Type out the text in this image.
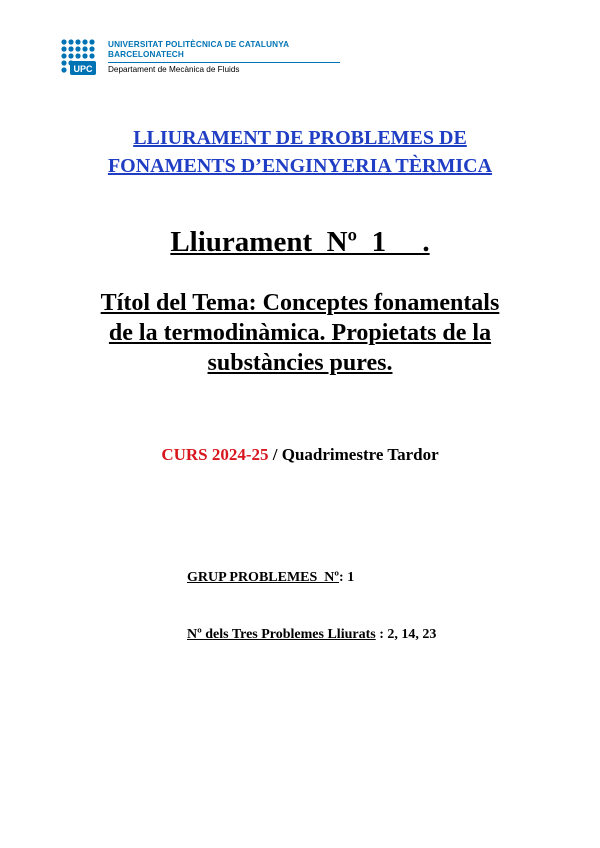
UPC
UNIVERSITAT POLITÈCNICA DE CATALUNYA
BARCELONATECH
Departament de Mecànica de Fluids
LLIURAMENT DE PROBLEMES DE
FONAMENTS D’ENGINYERIA TÈRMICA
Lliurament  Nº  1     .
Títol del Tema: Conceptes fonamentals
de la termodinàmica. Propietats de la
substàncies pures.
CURS 2024-25 / Quadrimestre Tardor
GRUP PROBLEMES  Nº: 1
Nº dels Tres Problemes Lliurats : 2, 14, 23
